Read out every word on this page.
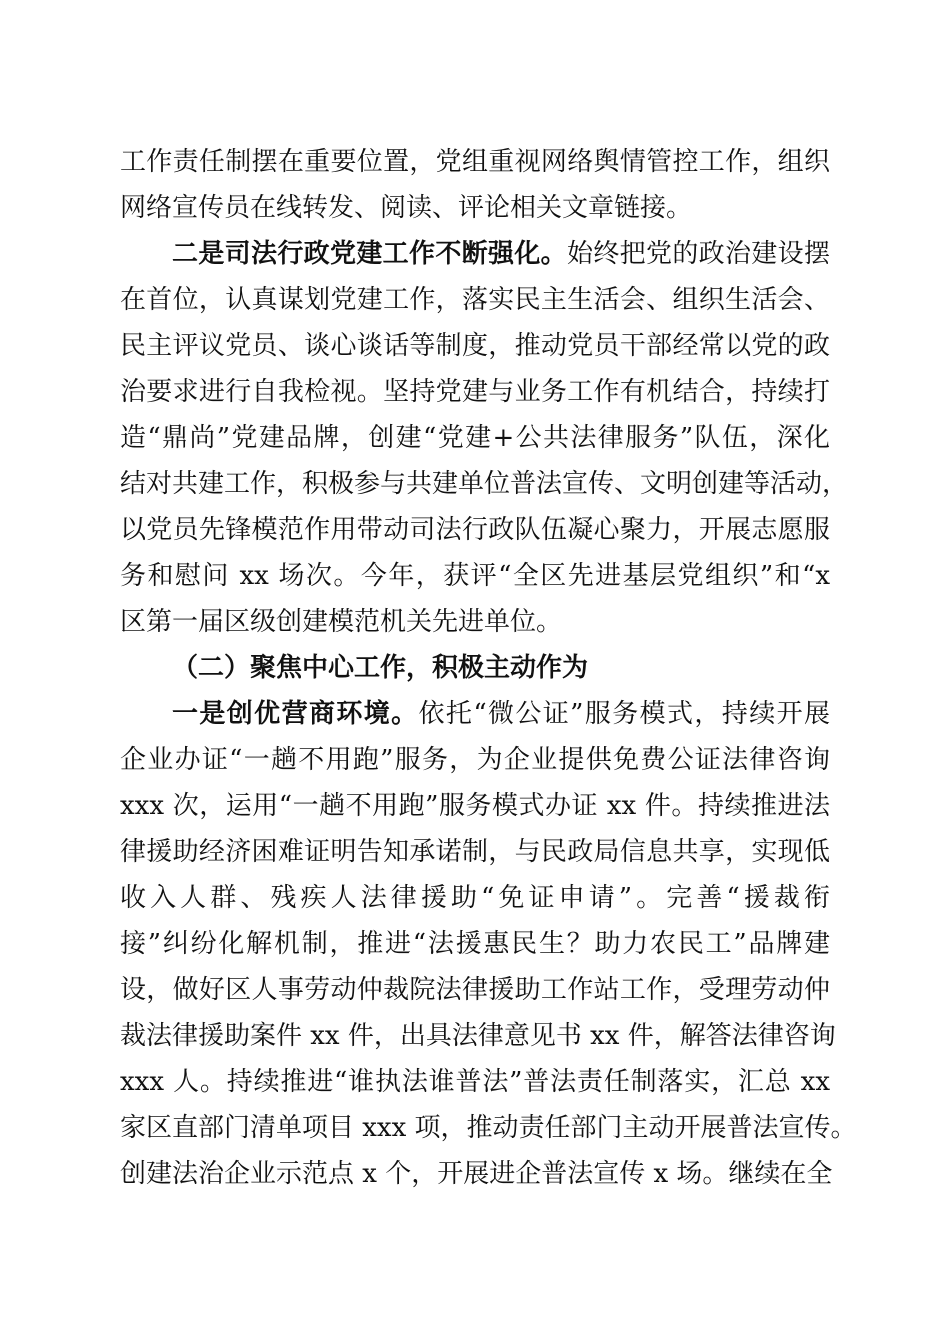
工作责任制摆在重要位置，党组重视网络舆情管控工作，组织
网络宣传员在线转发、阅读、评论相关文章链接。
二是司法行政党建工作不断强化。始终把党的政治建设摆
在首位，认真谋划党建工作，落实民主生活会、组织生活会、
民主评议党员、谈心谈话等制度，推动党员干部经常以党的政
治要求进行自我检视。坚持党建与业务工作有机结合，持续打
造“鼎尚”党建品牌，创建“党建+公共法律服务”队伍，深化
结对共建工作，积极参与共建单位普法宣传、文明创建等活动，
以党员先锋模范作用带动司法行政队伍凝心聚力，开展志愿服
务和慰问 xx 场次。今年，获评“全区先进基层党组织”和“x
区第一届区级创建模范机关先进单位。
（二）聚焦中心工作，积极主动作为
一是创优营商环境。依托“微公证”服务模式，持续开展
企业办证“一趟不用跑”服务，为企业提供免费公证法律咨询
xxx 次，运用“一趟不用跑”服务模式办证 xx 件。持续推进法
律援助经济困难证明告知承诺制，与民政局信息共享，实现低
收入人群、残疾人法律援助“免证申请”。完善“援裁衔
接”纠纷化解机制，推进“法援惠民生？助力农民工”品牌建
设，做好区人事劳动仲裁院法律援助工作站工作，受理劳动仲
裁法律援助案件 xx 件，出具法律意见书 xx 件，解答法律咨询
xxx 人。持续推进“谁执法谁普法”普法责任制落实，汇总 xx
家区直部门清单项目 xxx 项，推动责任部门主动开展普法宣传。
创建法治企业示范点 x 个，开展进企普法宣传 x 场。继续在全
